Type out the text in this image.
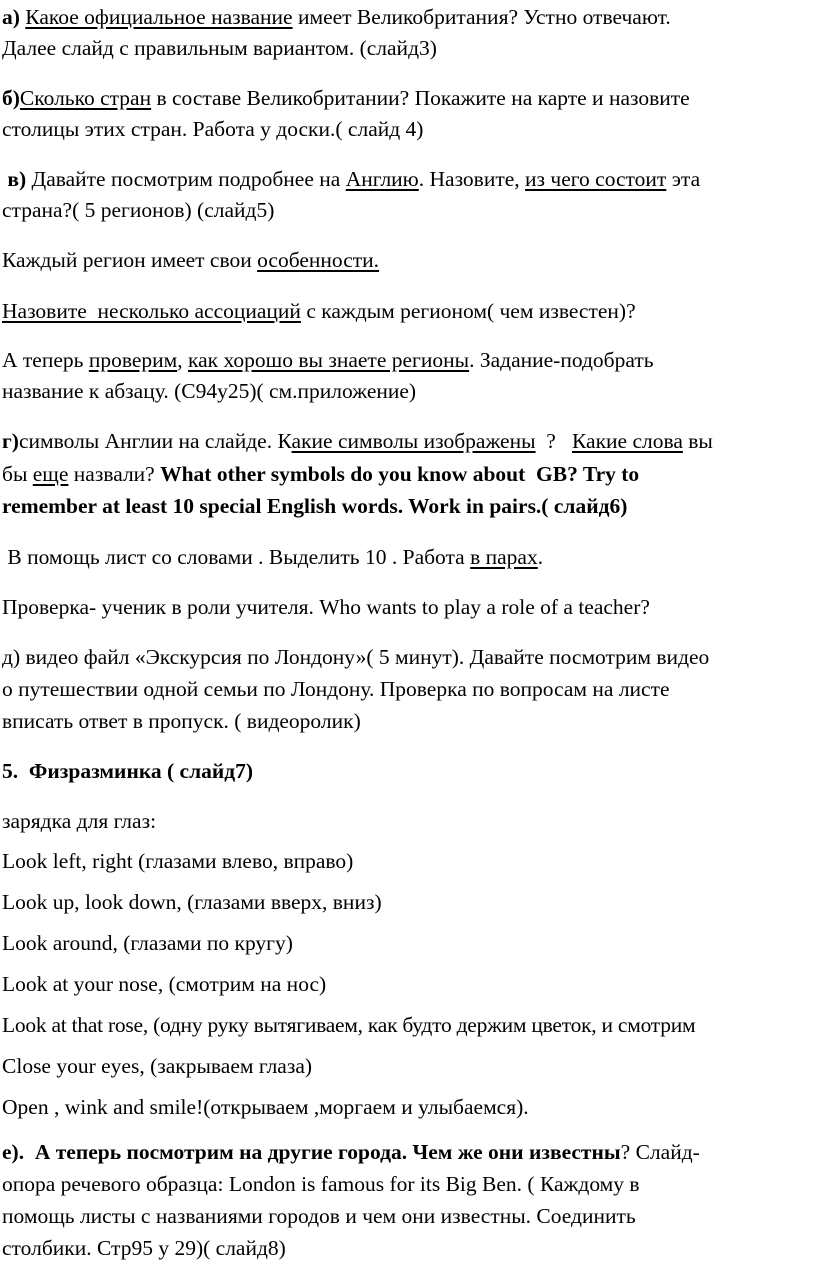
а) Какое официальное название имеет Великобритания? Устно отвечают.
Далее слайд с правильным вариантом. (слайд3)
б)Сколько стран в составе Великобритании? Покажите на карте и назовите
столицы этих стран. Работа у доски.( слайд 4)
в) Давайте посмотрим подробнее на Англию. Назовите, из чего состоит эта
страна?( 5 регионов) (слайд5)
Каждый регион имеет свои особенности.
Назовите  несколько ассоциаций с каждым регионом( чем известен)?
А теперь проверим, как хорошо вы знаете регионы. Задание-подобрать
название к абзацу. (С94у25)( см.приложение)
г)символы Англии на слайде. Какие символы изображены  ?   Какие слова вы
бы еще назвали? What other symbols do you know about  GB? Try to
remember at least 10 special English words. Work in pairs.( слайд6)
В помощь лист со словами . Выделить 10 . Работа в парах.
Проверка- ученик в роли учителя. Who wants to play a role of a teacher?
д) видео файл «Экскурсия по Лондону»( 5 минут). Давайте посмотрим видео
о путешествии одной семьи по Лондону. Проверка по вопросам на листе
вписать ответ в пропуск. ( видеоролик)
5.  Физразминка ( слайд7)
зарядка для глаз:
Look left, right (глазами влево, вправо)
Look up, look down, (глазами вверх, вниз)
Look around, (глазами по кругу)
Look at your nose, (смотрим на нос)
Look at that rose, (одну руку вытягиваем, как будто держим цветок, и смотрим
Close your eyes, (закрываем глаза)
Open , wink and smile!(открываем ,моргаем и улыбаемся).
е).  А теперь посмотрим на другие города. Чем же они известны? Слайд-
опора речевого образца: London is famous for its Big Ben. ( Каждому в
помощь листы с названиями городов и чем они известны. Соединить
столбики. Стр95 у 29)( слайд8)
